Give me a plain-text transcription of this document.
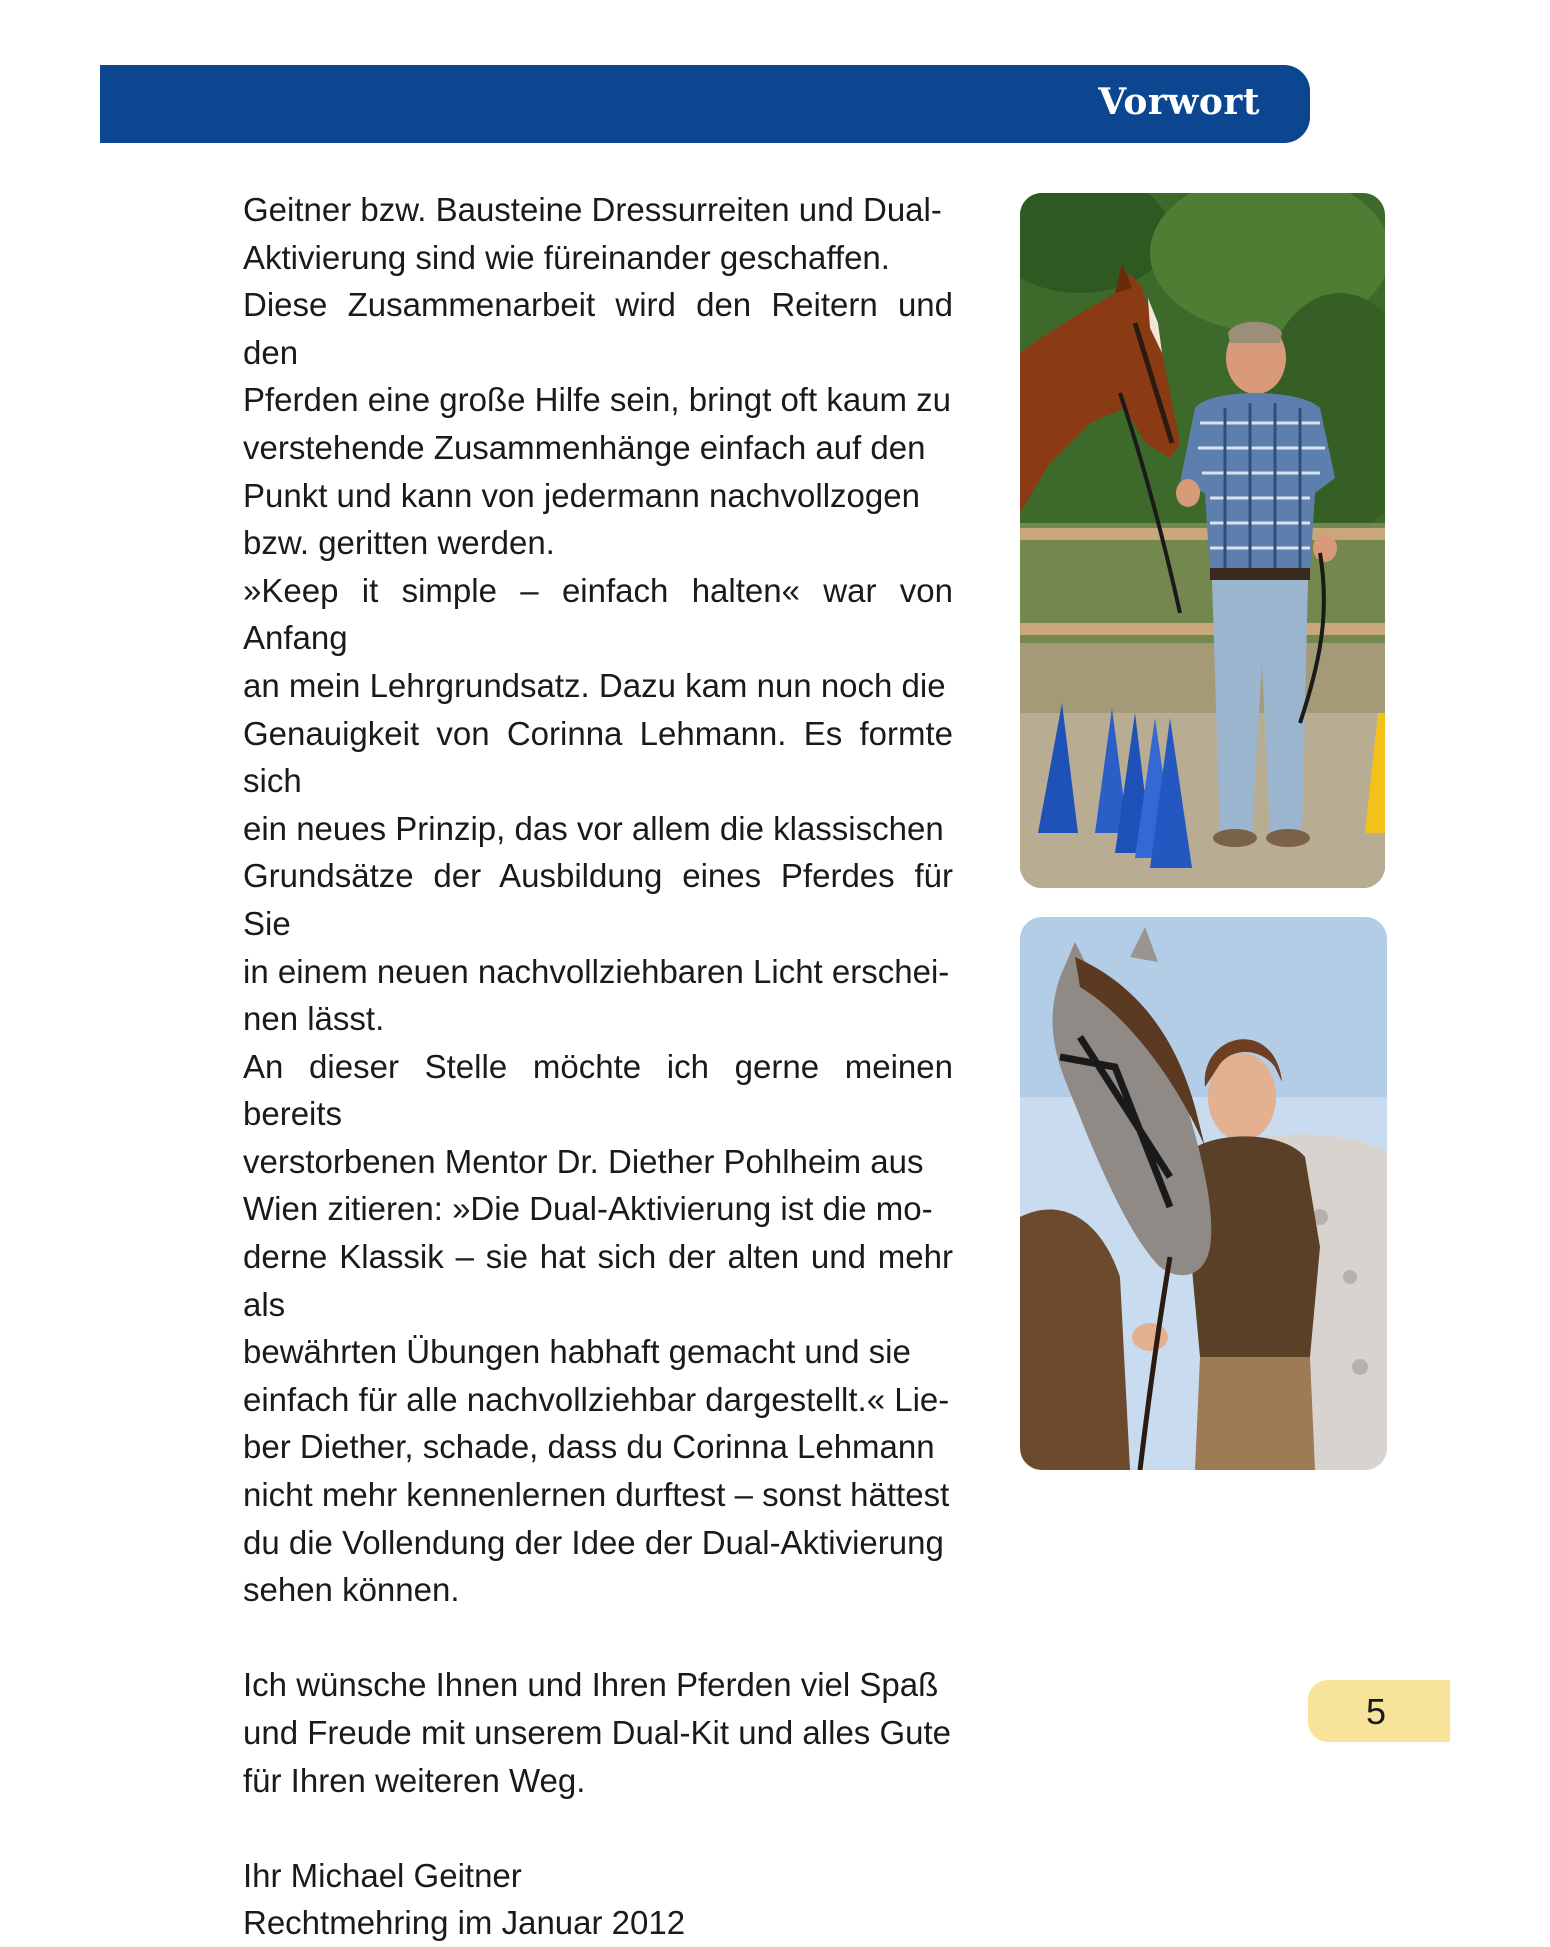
Vorwort

Geitner bzw. Bausteine Dressurreiten und Dual-

Aktivierung sind wie füreinander geschaffen.

Diese Zusammenarbeit wird den Reitern und den

Pferden eine große Hilfe sein, bringt oft kaum zu

verstehende Zusammenhänge einfach auf den

Punkt und kann von jedermann nachvollzogen

bzw. geritten werden.

»Keep it simple – einfach halten« war von Anfang

an mein Lehrgrundsatz. Dazu kam nun noch die

Genauigkeit von Corinna Lehmann. Es formte sich

ein neues Prinzip, das vor allem die klassischen

Grundsätze der Ausbildung eines Pferdes für Sie

in einem neuen nachvollziehbaren Licht erschei-

nen lässt.

An dieser Stelle möchte ich gerne meinen bereits

verstorbenen Mentor Dr. Diether Pohlheim aus

Wien zitieren: »Die Dual-Aktivierung ist die mo-

derne Klassik – sie hat sich der alten und mehr als

bewährten Übungen habhaft gemacht und sie

einfach für alle nachvollziehbar dargestellt.« Lie-

ber Diether, schade, dass du Corinna Lehmann

nicht mehr kennenlernen durftest – sonst hättest

du die Vollendung der Idee der Dual-Aktivierung

sehen können.

Ich wünsche Ihnen und Ihren Pferden viel Spaß

und Freude mit unserem Dual-Kit und alles Gute

für Ihren weiteren Weg.

Ihr Michael Geitner

Rechtmehring im Januar 2012

5
